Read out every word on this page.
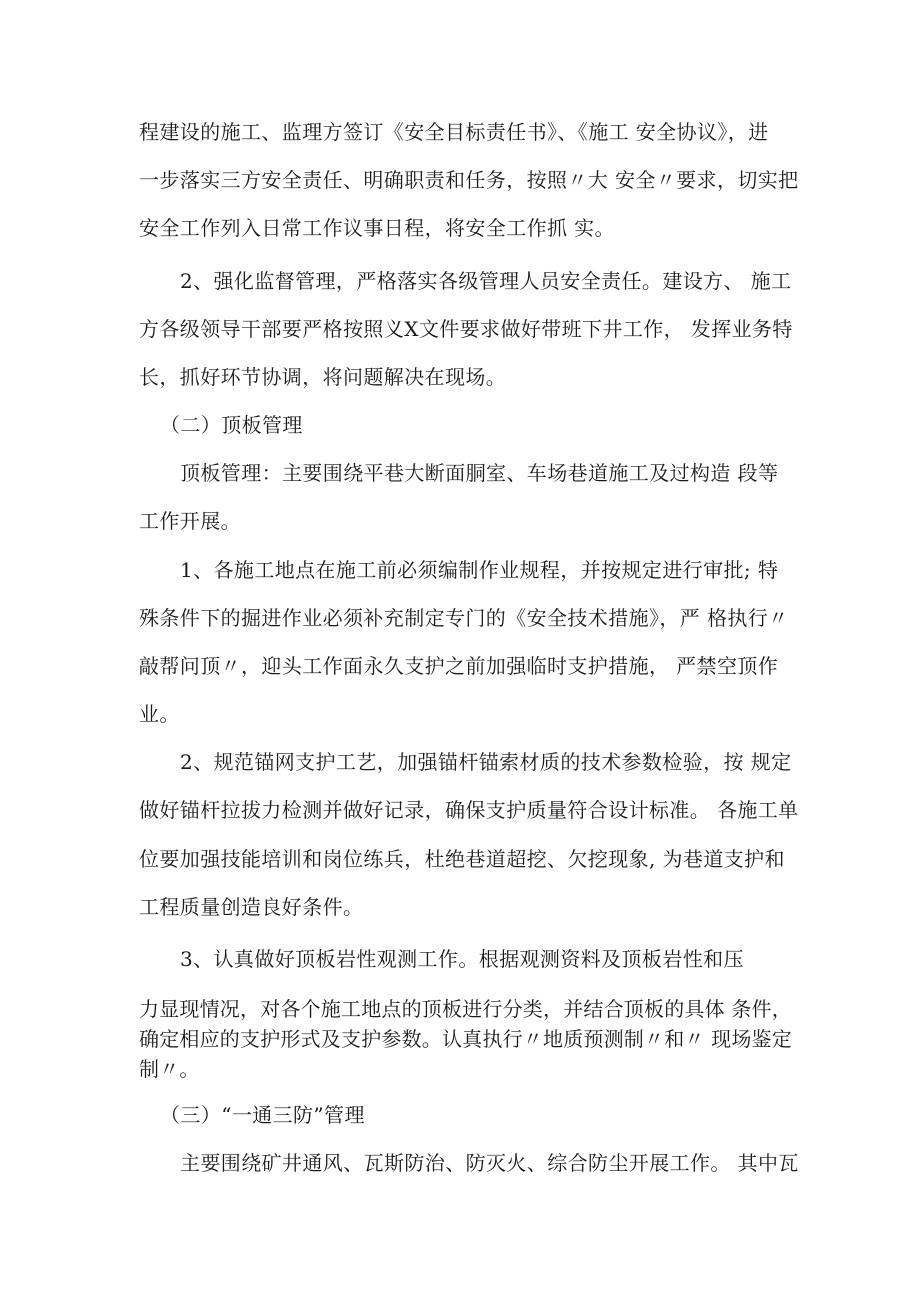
程建设的施工、监理方签订《安全目标责任书》、《施工 安全协议》，进
一步落实三方安全责任、明确职责和任务，按照〃大 安全〃要求，切实把
安全工作列入日常工作议事日程，将安全工作抓 实。
2、强化监督管理，严格落实各级管理人员安全责任。建设方、 施工
方各级领导干部要严格按照义X文件要求做好带班下井工作， 发挥业务特
长，抓好环节协调，将问题解决在现场。
（二）顶板管理
顶板管理：主要围绕平巷大断面胴室、车场巷道施工及过构造 段等
工作开展。
1、各施工地点在施工前必须编制作业规程，并按规定进行审批; 特
殊条件下的掘进作业必须补充制定专门的《安全技术措施》，严 格执行〃
敲帮问顶〃，迎头工作面永久支护之前加强临时支护措施， 严禁空顶作
业。
2、规范锚网支护工艺，加强锚杆锚索材质的技术参数检验，按 规定
做好锚杆拉拔力检测并做好记录，确保支护质量符合设计标准。 各施工单
位要加强技能培训和岗位练兵，杜绝巷道超挖、欠挖现象, 为巷道支护和
工程质量创造良好条件。
3、认真做好顶板岩性观测工作。根据观测资料及顶板岩性和压
力显现情况，对各个施工地点的顶板进行分类，并结合顶板的具体 条件，
确定相应的支护形式及支护参数。认真执行〃地质预测制〃和〃 现场鉴定
制〃。
（三）“一通三防”管理
主要围绕矿井通风、瓦斯防治、防灭火、综合防尘开展工作。 其中瓦
